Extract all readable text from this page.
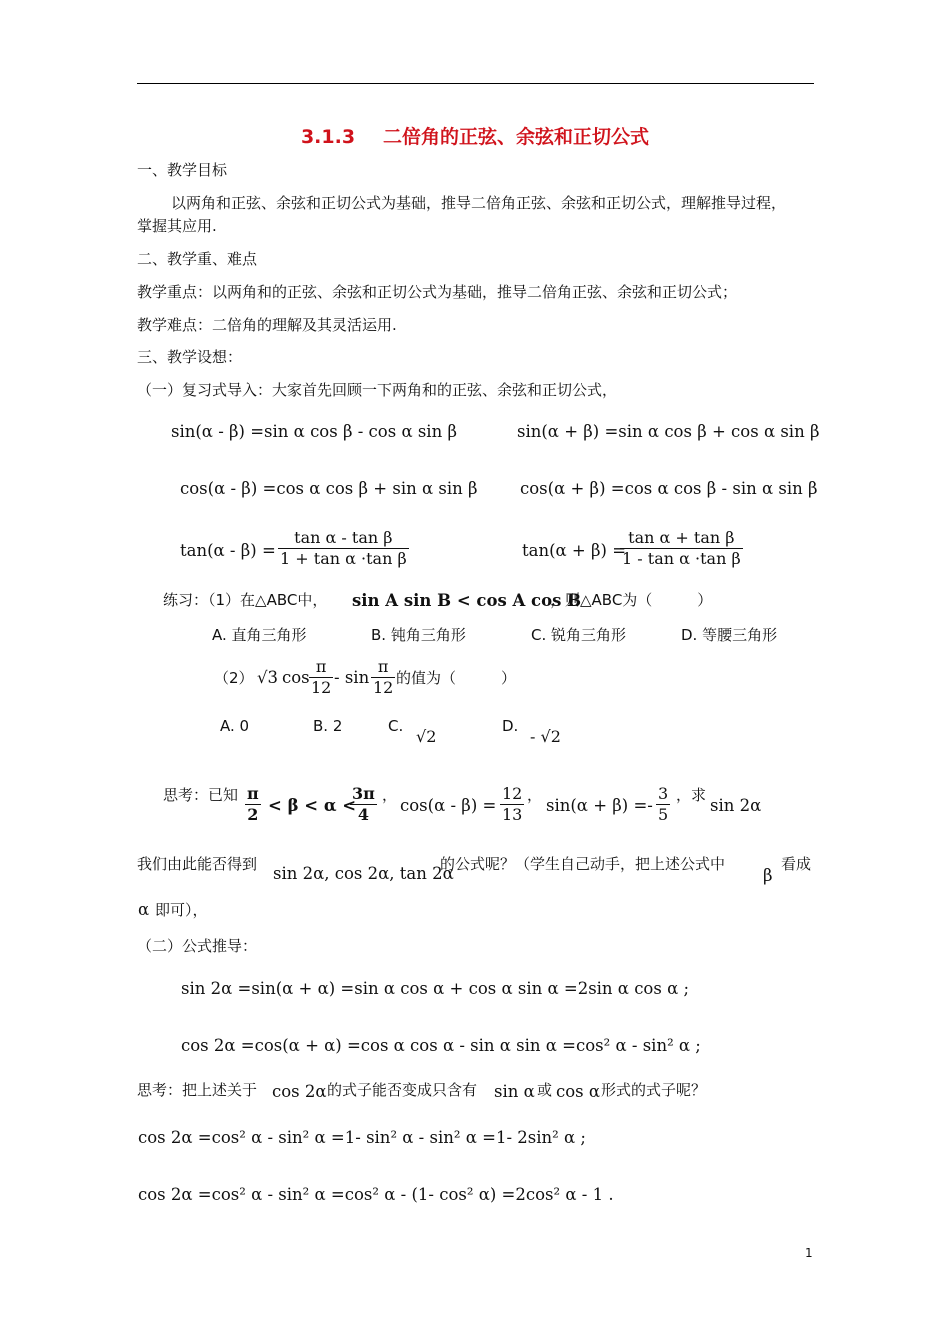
3.1.3 二倍角的正弦、余弦和正切公式
一、教学目标
以两角和正弦、余弦和正切公式为基础，推导二倍角正弦、余弦和正切公式，理解推导过程，
掌握其应用.
二、教学重、难点
教学重点：以两角和的正弦、余弦和正切公式为基础，推导二倍角正弦、余弦和正切公式；
教学难点：二倍角的理解及其灵活运用.
三、教学设想：
（一）复习式导入：大家首先回顾一下两角和的正弦、余弦和正切公式，
sin(α - β) =sin α cos β - cos α sin β	sin(α + β) =sin α cos β + cos α sin β
cos(α - β) =cos α cos β + sin α sin β	cos(α + β) =cos α cos β - sin α sin β
$\tan(\alpha - \beta) = \frac{\text{tan α - tan β}}{\text{1 + tan α ·tan β}}$	tan(α + β) =
$\frac{\text{tan α + tan β}}{\text{1 - tan α ·tan β}}$
练习：（1）在△ABC中， sin A sin B < cos A cos B
，则△ABC为（　　　）
A. 直角三角形	B. 钝角三角形	C. 锐角三角形	D. 等腰三角形
（2） √3 $\cos \frac{\pi}{12}$ - $\sin \frac{\pi}{12}$ 的值为（　　　）
A. 0	B. 2	C.
√2
D.
- √2
思考：已知 $\frac{\pi}{2} < \beta < \alpha$ <
$\frac{3\pi}{4}$ ，
$\cos(\alpha - \beta) = \frac{12}{13}$ ，
$\sin(\alpha + \beta) =- \frac{3}{5}$ ，求
sin 2α
我们由此能否得到 sin 2α, cos 2α, tan 2α
的公式呢？（学生自己动手，把上述公式中
β
看成
α 即可），
（二）公式推导：
sin 2α =sin(α + α) =sin α cos α + cos α sin α =2sin α cos α ;
cos 2α =cos(α + α) =cos α cos α - sin α sin α =cos² α - sin² α ;
思考：把上述关于 cos 2α 的式子能否变成只含有 sin α 或 cos α 形式的式子呢？
cos 2α =cos² α - sin² α =1- sin² α - sin² α =1- 2sin² α ;
cos 2α =cos² α - sin² α =cos² α - (1- cos² α) =2cos² α - 1 .
1
